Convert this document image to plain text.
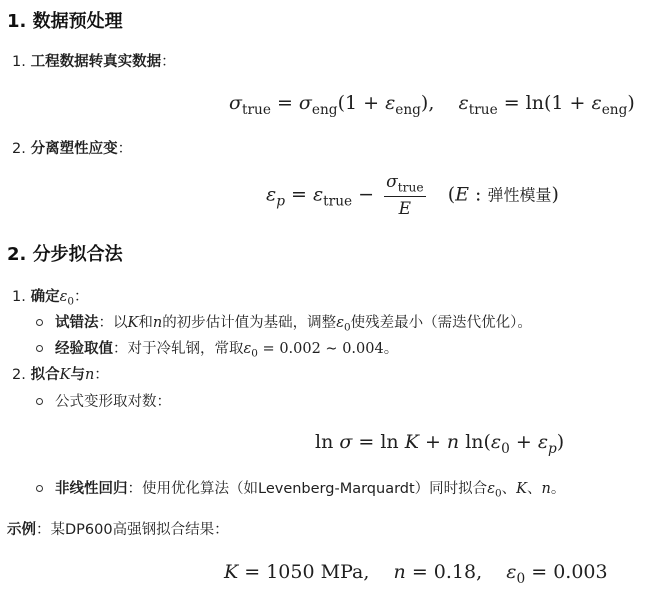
1. 数据预处理
1. 工程数据转真实数据：
$\sigma_{true} = \sigma_{eng}(1 + \varepsilon_{eng})$,    $\varepsilon_{true} = \ln(1 + \varepsilon_{eng})$
2. 分离塑性应变：
$\varepsilon_p = \varepsilon_{true} - \frac{\sigma_{true}}{E} (E$ : 弹性模量)
2. 分步拟合法
1. 确定$\varepsilon_0$：
试错法：以K和n的初步估计值为基础，调整$\varepsilon_0$使残差最小（需迭代优化）。
经验取值：对于冷轧钢，常取$\varepsilon_0 = 0.002$ ∼ 0.004。
2. 拟合K与n：
公式变形取对数：
ln σ = ln K + n $\ln(\varepsilon_0 + \varepsilon_p)$
非线性回归：使用优化算法（如Levenberg-Marquardt）同时拟合$\varepsilon_0$、K、n。
示例：某DP600高强钢拟合结果：
K = 1050 MPa,    n = 0.18,    $\varepsilon_0 = 0.003$
